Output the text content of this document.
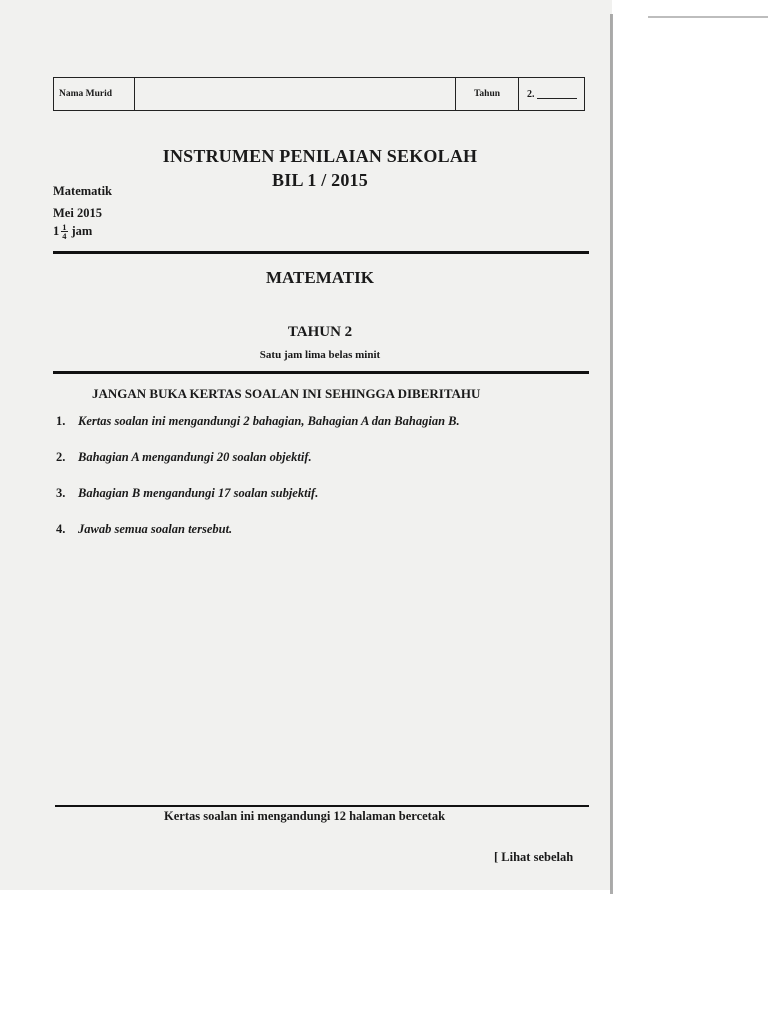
Nama Murid	Tahun	2.
INSTRUMEN PENILAIAN SEKOLAH
BIL 1 / 2015
Matematik
Mei 2015
$1 \frac{1}{4}$ jam
MATEMATIK
TAHUN 2
Satu jam lima belas minit
JANGAN BUKA KERTAS SOALAN INI SEHINGGA DIBERITAHU
1.	Kertas soalan ini mengandungi 2 bahagian, Bahagian A dan Bahagian B.
2.	Bahagian A mengandungi 20 soalan objektif.
3.	Bahagian B mengandungi 17 soalan subjektif.
4.	Jawab semua soalan tersebut.
Kertas soalan ini mengandungi 12 halaman bercetak
[ Lihat sebelah
